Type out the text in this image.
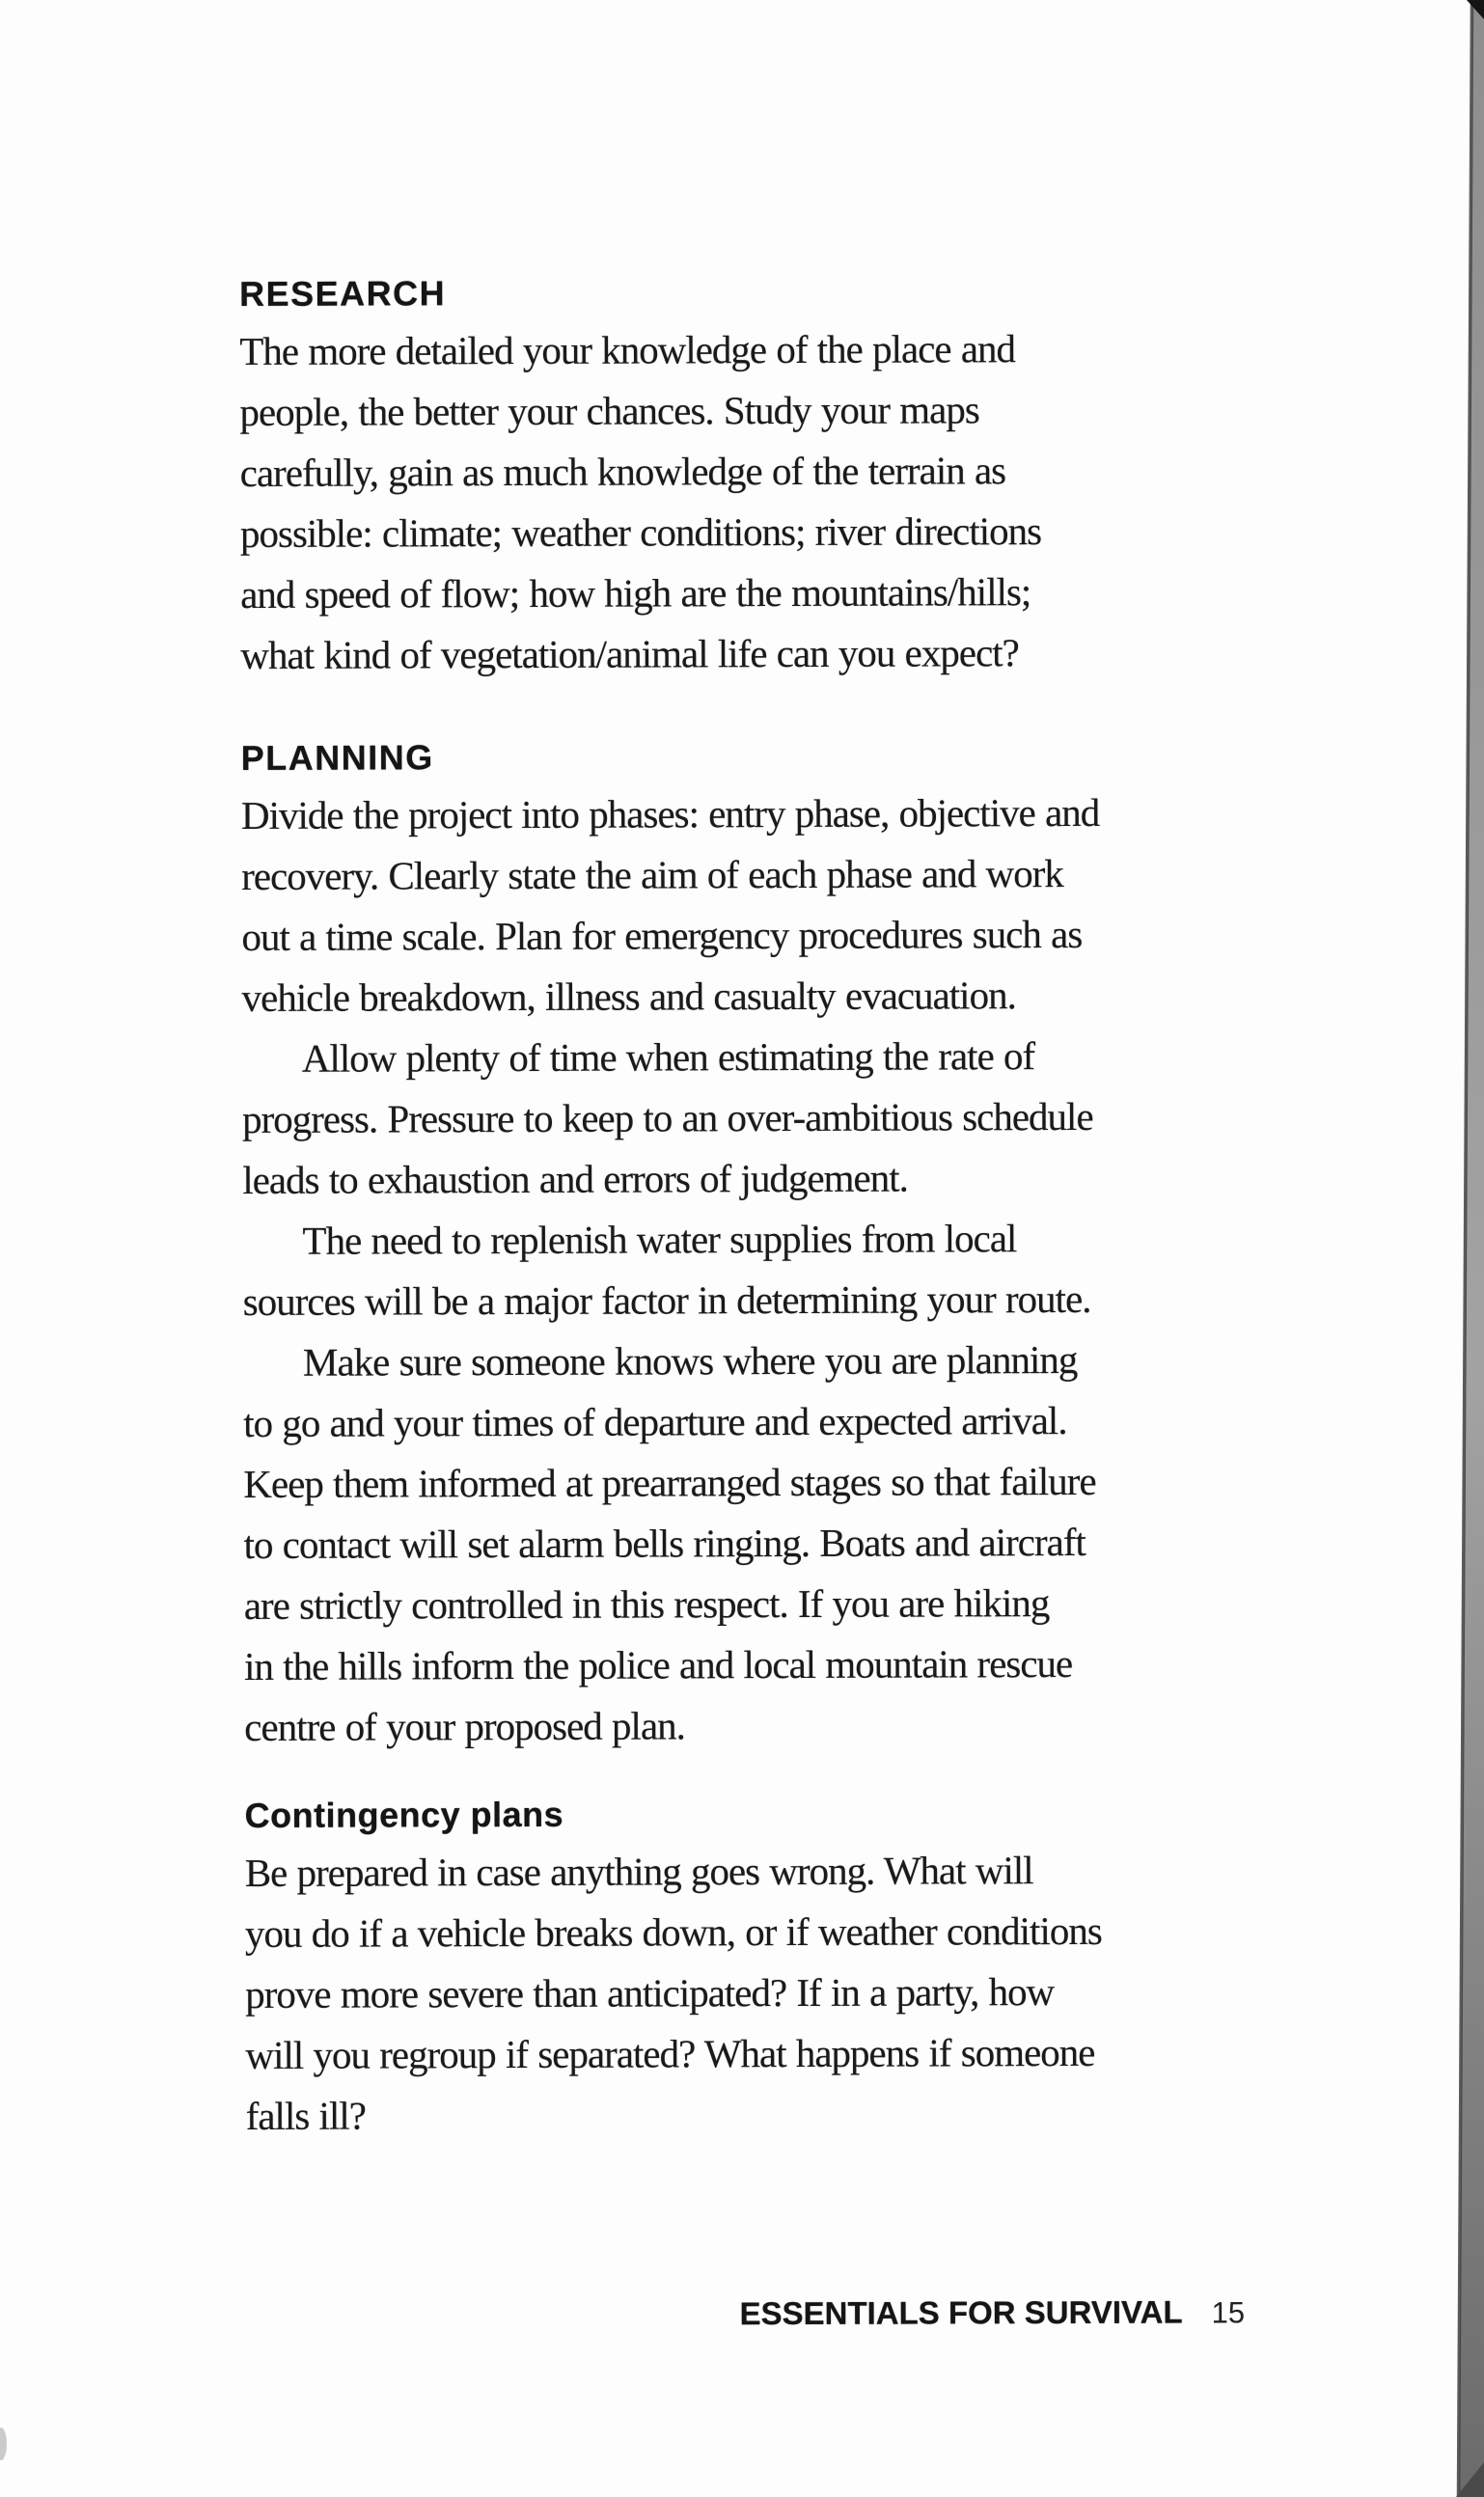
RESEARCH
The more detailed your knowledge of the place and
people, the better your chances. Study your maps
carefully, gain as much knowledge of the terrain as
possible: climate; weather conditions; river directions
and speed of flow; how high are the mountains/hills;
what kind of vegetation/animal life can you expect?
PLANNING
Divide the project into phases: entry phase, objective and
recovery. Clearly state the aim of each phase and work
out a time scale. Plan for emergency procedures such as
vehicle breakdown, illness and casualty evacuation.
Allow plenty of time when estimating the rate of
progress. Pressure to keep to an over-ambitious schedule
leads to exhaustion and errors of judgement.
The need to replenish water supplies from local
sources will be a major factor in determining your route.
Make sure someone knows where you are planning
to go and your times of departure and expected arrival.
Keep them informed at prearranged stages so that failure
to contact will set alarm bells ringing. Boats and aircraft
are strictly controlled in this respect. If you are hiking
in the hills inform the police and local mountain rescue
centre of your proposed plan.
Contingency plans
Be prepared in case anything goes wrong. What will
you do if a vehicle breaks down, or if weather conditions
prove more severe than anticipated? If in a party, how
will you regroup if separated? What happens if someone
falls ill?
ESSENTIALS FOR SURVIVAL 15
